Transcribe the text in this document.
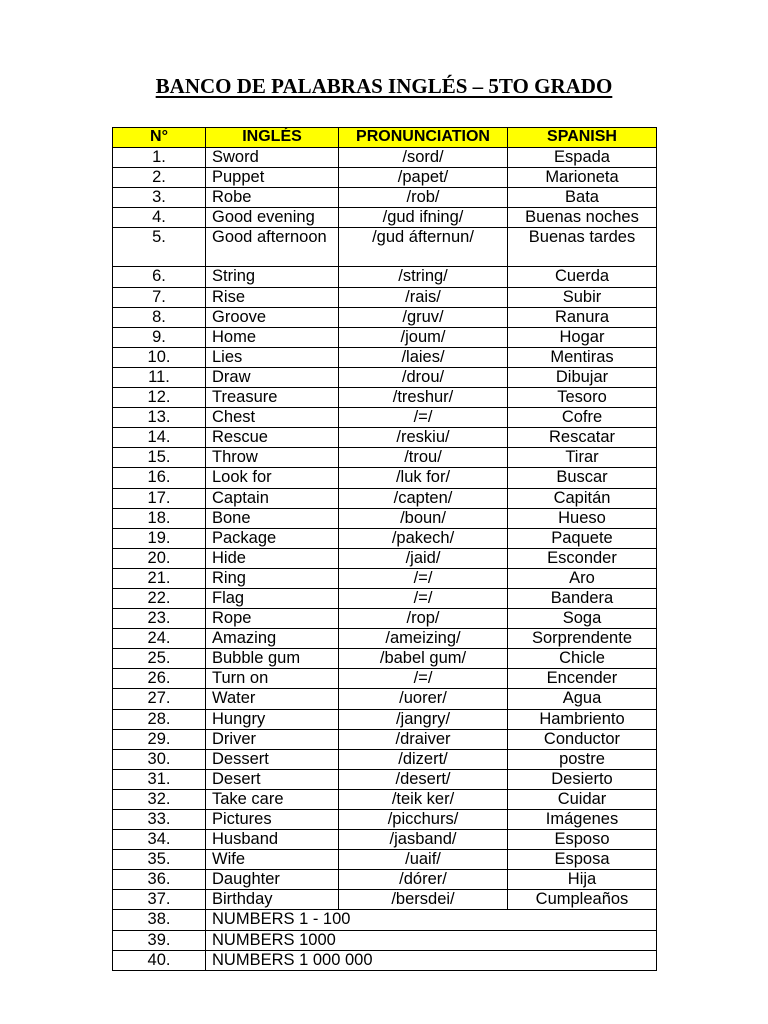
BANCO DE PALABRAS INGLÉS – 5TO GRADO
N°	INGLÉS	PRONUNCIATION	SPANISH
1.	Sword	/sord/	Espada
2.	Puppet	/papet/	Marioneta
3.	Robe	/rob/	Bata
4.	Good evening	/gud ifning/	Buenas noches
5.	Good afternoon	/gud áfternun/	Buenas tardes
6.	String	/string/	Cuerda
7.	Rise	/rais/	Subir
8.	Groove	/gruv/	Ranura
9.	Home	/joum/	Hogar
10.	Lies	/laies/	Mentiras
11.	Draw	/drou/	Dibujar
12.	Treasure	/treshur/	Tesoro
13.	Chest	/=/	Cofre
14.	Rescue	/reskiu/	Rescatar
15.	Throw	/trou/	Tirar
16.	Look for	/luk for/	Buscar
17.	Captain	/capten/	Capitán
18.	Bone	/boun/	Hueso
19.	Package	/pakech/	Paquete
20.	Hide	/jaid/	Esconder
21.	Ring	/=/	Aro
22.	Flag	/=/	Bandera
23.	Rope	/rop/	Soga
24.	Amazing	/ameizing/	Sorprendente
25.	Bubble gum	/babel gum/	Chicle
26.	Turn on	/=/	Encender
27.	Water	/uorer/	Agua
28.	Hungry	/jangry/	Hambriento
29.	Driver	/draiver	Conductor
30.	Dessert	/dizert/	postre
31.	Desert	/desert/	Desierto
32.	Take care	/teik ker/	Cuidar
33.	Pictures	/picchurs/	Imágenes
34.	Husband	/jasband/	Esposo
35.	Wife	/uaif/	Esposa
36.	Daughter	/dórer/	Hija
37.	Birthday	/bersdei/	Cumpleaños
38.	NUMBERS 1 - 100		
39.	NUMBERS 1000		
40.	NUMBERS 1 000 000		
